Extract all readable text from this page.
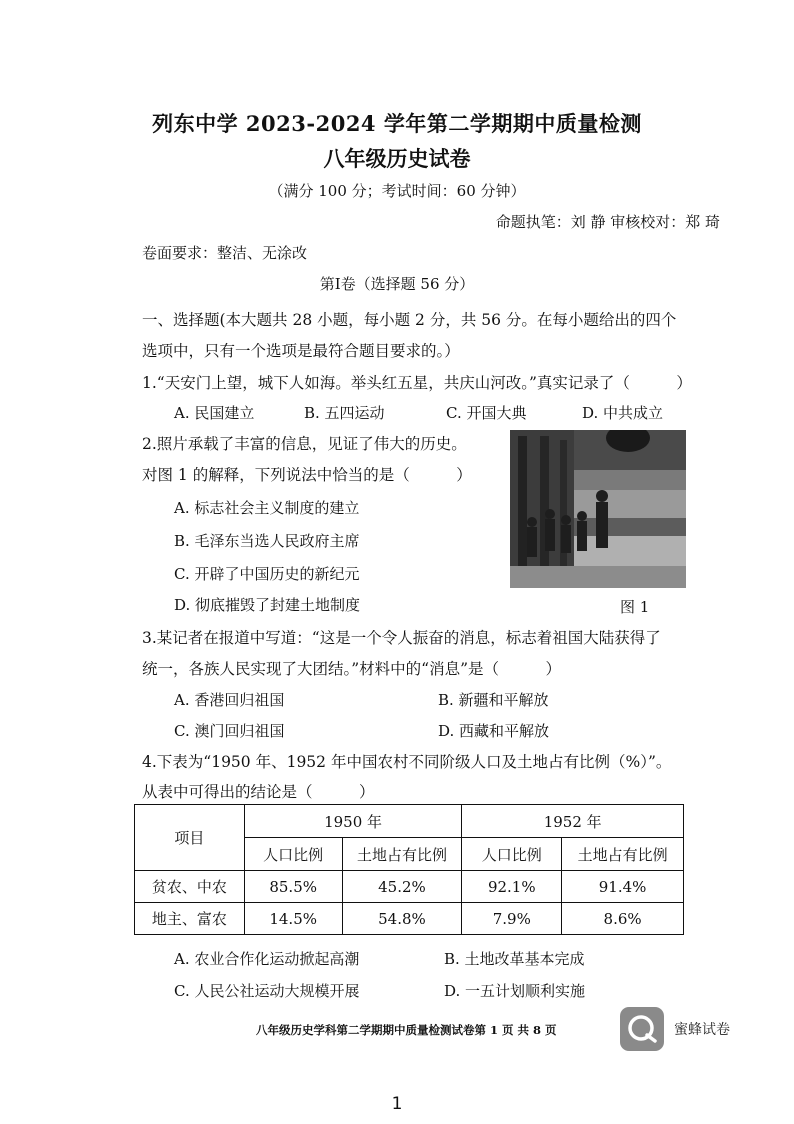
列东中学 2023-2024 学年第二学期期中质量检测
八年级历史试卷
（满分 100 分；考试时间：60 分钟）
命题执笔：刘 静 审核校对：郑 琦
卷面要求：整洁、无涂改
第Ⅰ卷（选择题 56 分）
一、选择题(本大题共 28 小题，每小题 2 分，共 56 分。在每小题给出的四个
选项中，只有一个选项是最符合题目要求的。）
1.“天安门上望，城下人如海。举头红五星，共庆山河改。”真实记录了（　　　）
A. 民国建立	B. 五四运动	C. 开国大典	D. 中共成立
2.照片承载了丰富的信息，见证了伟大的历史。
对图 1 的解释，下列说法中恰当的是（　　　）
A. 标志社会主义制度的建立
B. 毛泽东当选人民政府主席
C. 开辟了中国历史的新纪元
D. 彻底摧毁了封建土地制度	图 1
3.某记者在报道中写道：“这是一个令人振奋的消息，标志着祖国大陆获得了
统一，各族人民实现了大团结。”材料中的“消息”是（　　　）
A. 香港回归祖国	B. 新疆和平解放
C. 澳门回归祖国	D. 西藏和平解放
4.下表为“1950 年、1952 年中国农村不同阶级人口及土地占有比例（%）”。
从表中可得出的结论是（　　　）
项目	1950 年		1952 年	
	人口比例	土地占有比例	人口比例	土地占有比例
贫农、中农	85.5%	45.2%	92.1%	91.4%
地主、富农	14.5%	54.8%	7.9%	8.6%
A. 农业合作化运动掀起高潮	B. 土地改革基本完成
C. 人民公社运动大规模开展	D. 一五计划顺利实施
八年级历史学科第二学期期中质量检测试卷第 1 页 共 8 页	蜜蜂试卷
1
